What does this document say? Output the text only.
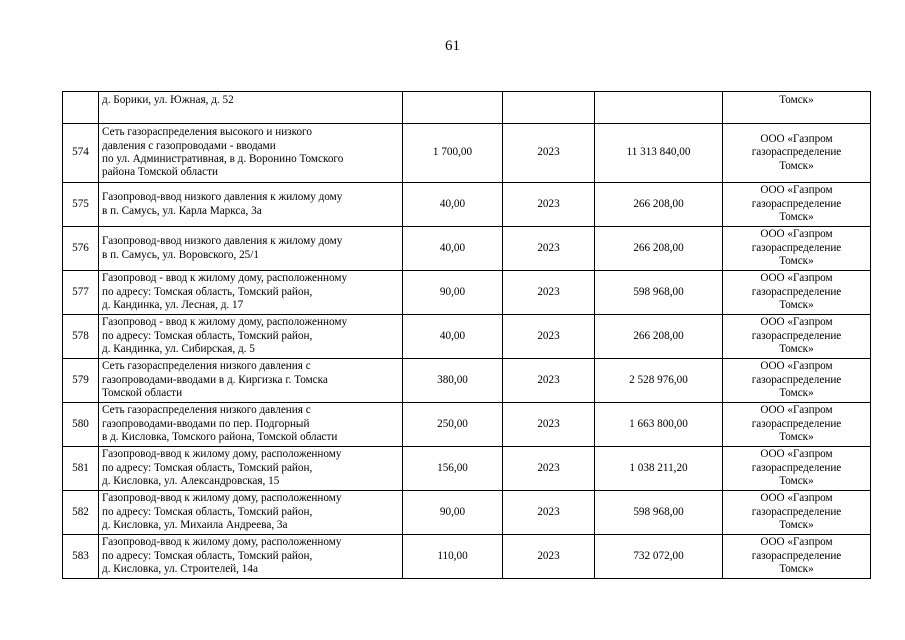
61

	д. Борики, ул. Южная, д. 52				Томск»

574	Сеть газораспределения высокого и низкого
давления с газопроводами - вводами
по ул. Административная, в д. Воронино Томского
района Томской области	1 700,00	2023	11 313 840,00	ООО «Газпром
газораспределение
Томск»

575	Газопровод-ввод низкого давления к жилому дому
в п. Самусь, ул. Карла Маркса, 3а	40,00	2023	266 208,00	ООО «Газпром
газораспределение
Томск»

576	Газопровод-ввод низкого давления к жилому дому
в п. Самусь, ул. Воровского, 25/1	40,00	2023	266 208,00	ООО «Газпром
газораспределение
Томск»

577	Газопровод - ввод к жилому дому, расположенному
по адресу: Томская область, Томский район,
д. Кандинка, ул. Лесная, д. 17	90,00	2023	598 968,00	ООО «Газпром
газораспределение
Томск»

578	Газопровод - ввод к жилому дому, расположенному
по адресу: Томская область, Томский район,
д. Кандинка, ул. Сибирская, д. 5	40,00	2023	266 208,00	ООО «Газпром
газораспределение
Томск»

579	Сеть газораспределения низкого давления с
газопроводами-вводами в д. Киргизка г. Томска
Томской области	380,00	2023	2 528 976,00	ООО «Газпром
газораспределение
Томск»

580	Сеть газораспределения низкого давления с
газопроводами-вводами по пер. Подгорный
в д. Кисловка, Томского района, Томской области	250,00	2023	1 663 800,00	ООО «Газпром
газораспределение
Томск»

581	Газопровод-ввод к жилому дому, расположенному
по адресу: Томская область, Томский район,
д. Кисловка, ул. Александровская, 15	156,00	2023	1 038 211,20	ООО «Газпром
газораспределение
Томск»

582	Газопровод-ввод к жилому дому, расположенному
по адресу: Томская область, Томский район,
д. Кисловка, ул. Михаила Андреева, 3а	90,00	2023	598 968,00	ООО «Газпром
газораспределение
Томск»

583	Газопровод-ввод к жилому дому, расположенному
по адресу: Томская область, Томский район,
д. Кисловка, ул. Строителей, 14а	110,00	2023	732 072,00	ООО «Газпром
газораспределение
Томск»
